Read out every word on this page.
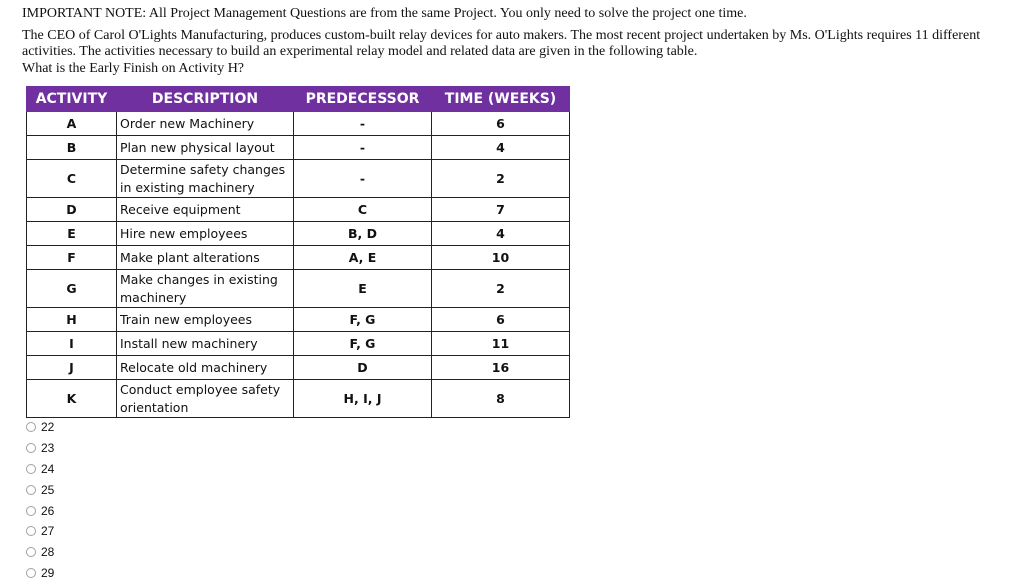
IMPORTANT NOTE: All Project Management Questions are from the same Project. You only need to solve the project one time.

The CEO of Carol O'Lights Manufacturing, produces custom-built relay devices for auto makers. The most recent project undertaken by Ms. O'Lights requires 11 different activities. The activities necessary to build an experimental relay model and related data are given in the following table.

What is the Early Finish on Activity H?

ACTIVITY	DESCRIPTION	PREDECESSOR	TIME (WEEKS)
A	Order new Machinery	-	6
B	Plan new physical layout	-	4
C	Determine safety changes in existing machinery	-	2
D	Receive equipment	C	7
E	Hire new employees	B, D	4
F	Make plant alterations	A, E	10
G	Make changes in existing machinery	E	2
H	Train new employees	F, G	6
I	Install new machinery	F, G	11
J	Relocate old machinery	D	16
K	Conduct employee safety orientation	H, I, J	8
22
23
24
25
26
27
28
29
